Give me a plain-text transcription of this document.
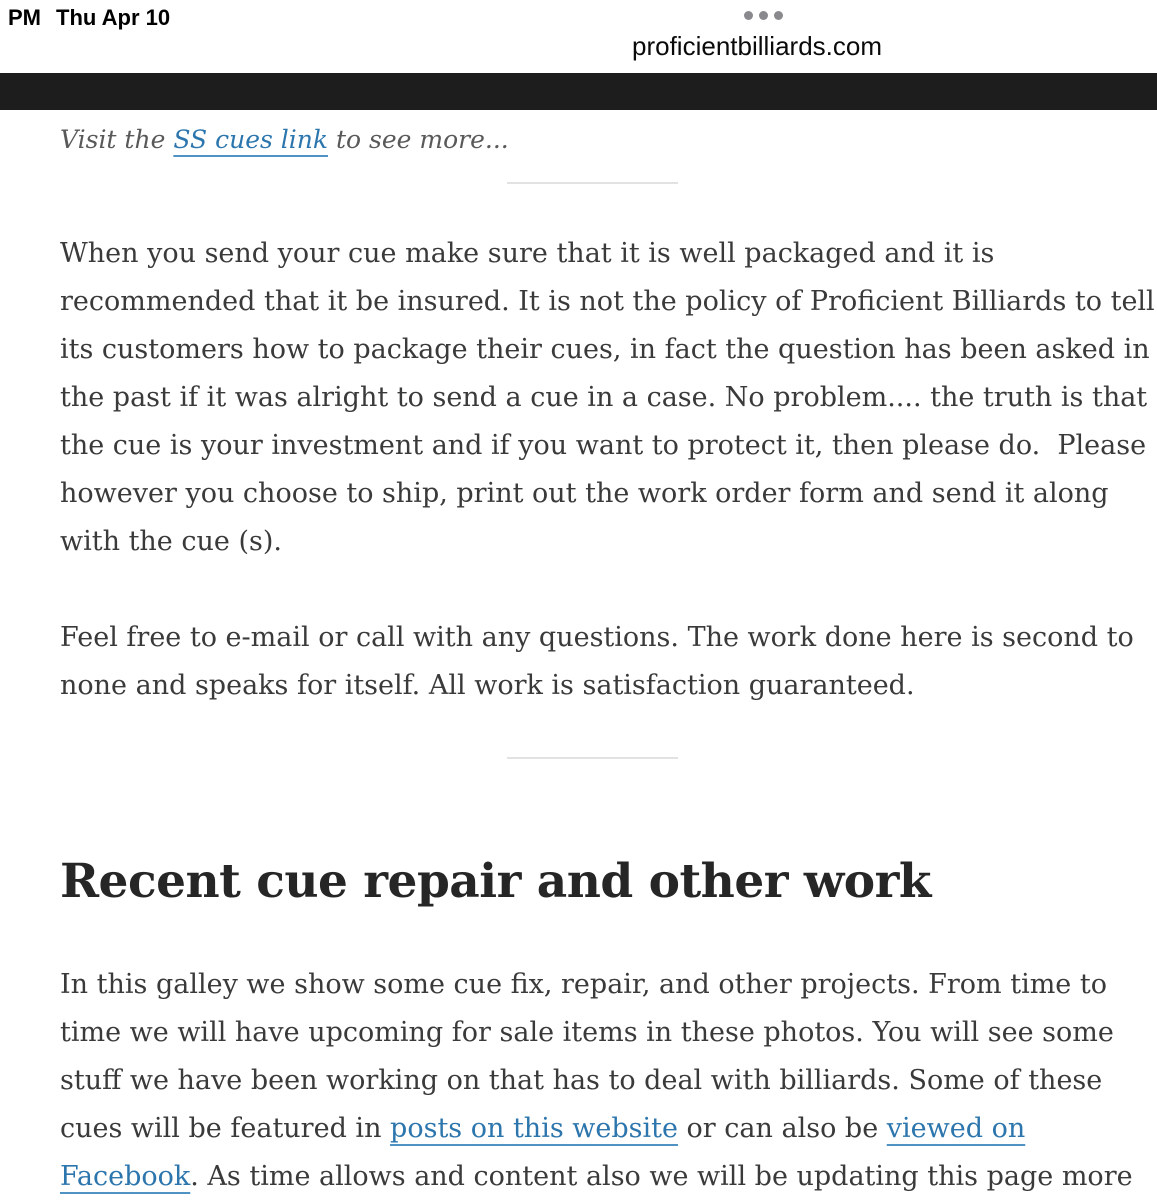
PM Thu Apr 10
proficientbilliards.com
Visit the SS cues link to see more...
When you send your cue make sure that it is well packaged and it is
recommended that it be insured. It is not the policy of Proficient Billiards to tell
its customers how to package their cues, in fact the question has been asked in
the past if it was alright to send a cue in a case. No problem.... the truth is that
the cue is your investment and if you want to protect it, then please do.  Please
however you choose to ship, print out the work order form and send it along
with the cue (s).
Feel free to e-mail or call with any questions. The work done here is second to
none and speaks for itself. All work is satisfaction guaranteed.
Recent cue repair and other work
In this galley we show some cue fix, repair, and other projects. From time to
time we will have upcoming for sale items in these photos. You will see some
stuff we have been working on that has to deal with billiards. Some of these
cues will be featured in posts on this website or can also be viewed on
Facebook. As time allows and content also we will be updating this page more
